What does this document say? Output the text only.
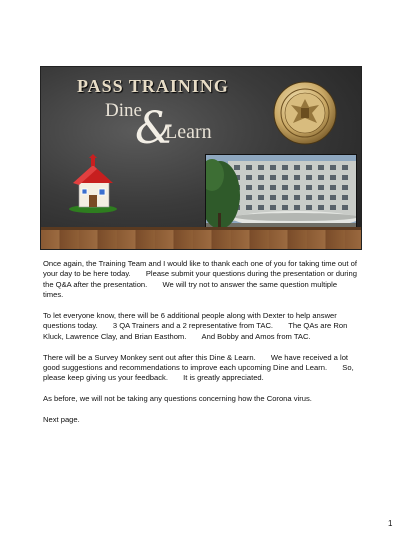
PASS TRAINING
Dine
&
Learn

Once again, the Training Team and I would like to thank each one of you for taking time out of your day to be here today.  Please submit your questions during the presentation or during the Q&A after the presentation.  We will try not to answer the same question multiple times.

To let everyone know, there will be 6 additional people along with Dexter to help answer questions today.  3 QA Trainers and a 2 representative from TAC.  The QAs are Ron Kluck, Lawrence Clay, and Brian Easthom.  And Bobby and Amos from TAC.

There will be a Survey Monkey sent out after this Dine & Learn.  We have received a lot good suggestions and recommendations to improve each upcoming Dine and Learn.  So, please keep giving us your feedback.  It is greatly appreciated.

As before, we will not be taking any questions concerning how the Corona virus.

Next page.

1
